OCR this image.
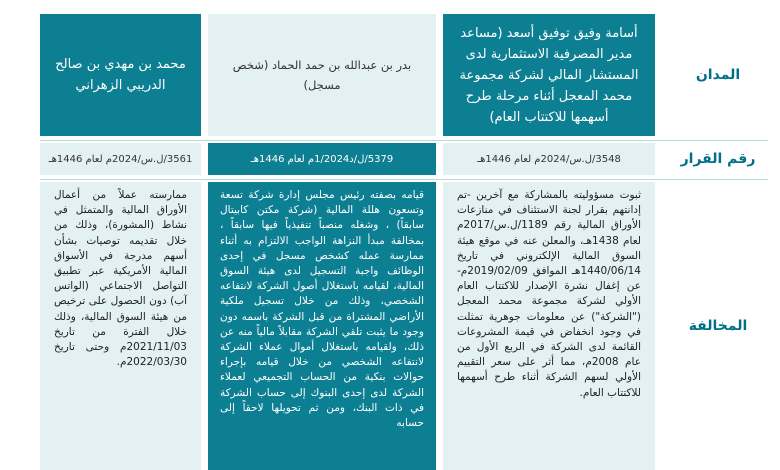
المدان
رقم القرار
المخالفة
أسامة وفيق توفيق أسعد (مساعد مدير المصرفية الاستثمارية لدى المستشار المالي لشركة مجموعة محمد المعجل أثناء مرحلة طرح أسهمها للاكتتاب العام)
بدر بن عبدالله بن حمد الحماد (شخص مسجل)
محمد بن مهدي بن صالح الدريبي الزهراني
3548/ل.س/2024م لعام 1446هـ
5379/ل/د1/2024م لعام 1446هـ
3561/ل.س/2024م لعام 1446هـ
ثبوت مسؤوليته بالمشاركة مع آخرين -تم إدانتهم بقرار لجنة الاستئناف في منازعات الأوراق المالية رقم 1189/ل.س/2017م لعام 1438هـ، والمعلن عنه في موقع هيئة السوق المالية الإلكتروني في تاريخ 1440/06/14هـ الموافق 2019/02/09م- عن إغفال نشرة الإصدار للاكتتاب العام الأولي لشركة مجموعة محمد المعجل ("الشركة") عن معلومات جوهرية تمثلت في وجود انخفاض في قيمة المشروعات القائمة لدى الشركة في الربع الأول من عام 2008م، مما أثر على سعر التقييم الأولي لسهم الشركة أثناء طرح أسهمها للاكتتاب العام.
قيامه بصفته رئيس مجلس إدارة شركة تسعة وتسعون هللة المالية (شركة مكتن كابيتال سابقاً) ، وشغله منصباً تنفيذياً فيها سابقاً ، بمخالفة مبدأ النزاهة الواجب الالتزام به أثناء ممارسة عمله كشخص مسجل في إحدى الوظائف واجبة التسجيل لدى هيئة السوق المالية، لقيامه باستغلال أصول الشركة لانتفاعه الشخصي، وذلك من خلال تسجيل ملكية الأراضي المشتراة من قبل الشركة باسمه دون وجود ما يثبت تلقي الشركة مقابلاً مالياً منه عن ذلك، ولقيامه باستغلال أموال عملاء الشركة لانتفاعه الشخصي من خلال قيامه بإجراء حوالات بنكية من الحساب التجميعي لعملاء الشركة لدى إحدى البنوك إلى حساب الشركة في ذات البنك، ومن ثم تحويلها لاحقاً إلى حسابه
ممارسته عملاً من أعمال الأوراق المالية والمتمثل في نشاط (المشورة)، وذلك من خلال تقديمه توصيات بشأن أسهم مدرجة في الأسواق المالية الأمريكية عبر تطبيق التواصل الاجتماعي (الواتس آب) دون الحصول على ترخيص من هيئة السوق المالية، وذلك خلال الفترة من تاريخ 2021/11/03م وحتى تاريخ 2022/03/30م.
